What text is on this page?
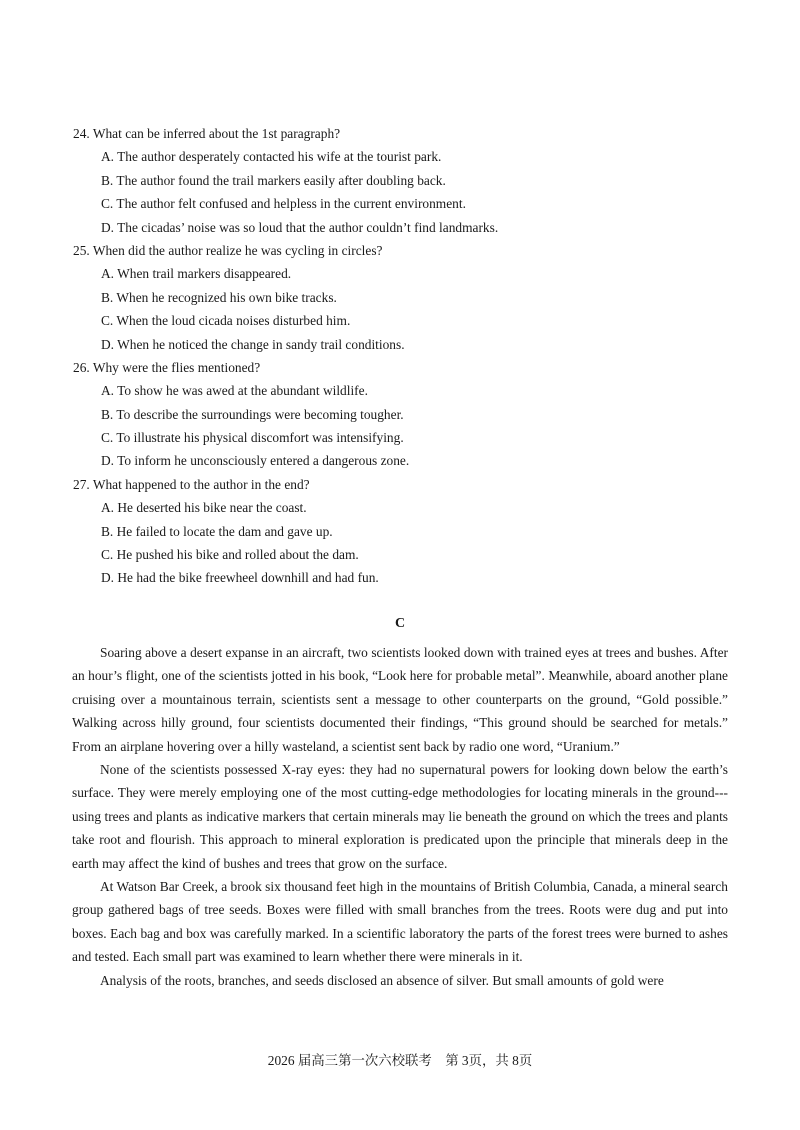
24. What can be inferred about the 1st paragraph?
A. The author desperately contacted his wife at the tourist park.
B. The author found the trail markers easily after doubling back.
C. The author felt confused and helpless in the current environment.
D. The cicadas’ noise was so loud that the author couldn’t find landmarks.
25. When did the author realize he was cycling in circles?
A. When trail markers disappeared.
B. When he recognized his own bike tracks.
C. When the loud cicada noises disturbed him.
D. When he noticed the change in sandy trail conditions.
26. Why were the flies mentioned?
A. To show he was awed at the abundant wildlife.
B. To describe the surroundings were becoming tougher.
C. To illustrate his physical discomfort was intensifying.
D. To inform he unconsciously entered a dangerous zone.
27. What happened to the author in the end?
A. He deserted his bike near the coast.
B. He failed to locate the dam and gave up.
C. He pushed his bike and rolled about the dam.
D. He had the bike freewheel downhill and had fun.
C

Soaring above a desert expanse in an aircraft, two scientists looked down with trained eyes at trees and bushes. After an hour’s flight, one of the scientists jotted in his book, “Look here for probable metal”. Meanwhile, aboard another plane cruising over a mountainous terrain, scientists sent a message to other counterparts on the ground, “Gold possible.” Walking across hilly ground, four scientists documented their findings, “This ground should be searched for metals.” From an airplane hovering over a hilly wasteland, a scientist sent back by radio one word, “Uranium.”

None of the scientists possessed X-ray eyes: they had no supernatural powers for looking down below the earth’s surface. They were merely employing one of the most cutting-edge methodologies for locating minerals in the ground---using trees and plants as indicative markers that certain minerals may lie beneath the ground on which the trees and plants take root and flourish. This approach to mineral exploration is predicated upon the principle that minerals deep in the earth may affect the kind of bushes and trees that grow on the surface.

At Watson Bar Creek, a brook six thousand feet high in the mountains of British Columbia, Canada, a mineral search group gathered bags of tree seeds. Boxes were filled with small branches from the trees. Roots were dug and put into boxes. Each bag and box was carefully marked. In a scientific laboratory the parts of the forest trees were burned to ashes and tested. Each small part was examined to learn whether there were minerals in it.

Analysis of the roots, branches, and seeds disclosed an absence of silver. But small amounts of gold were

2026 届高三第一次六校联考　第 3页，共 8页
